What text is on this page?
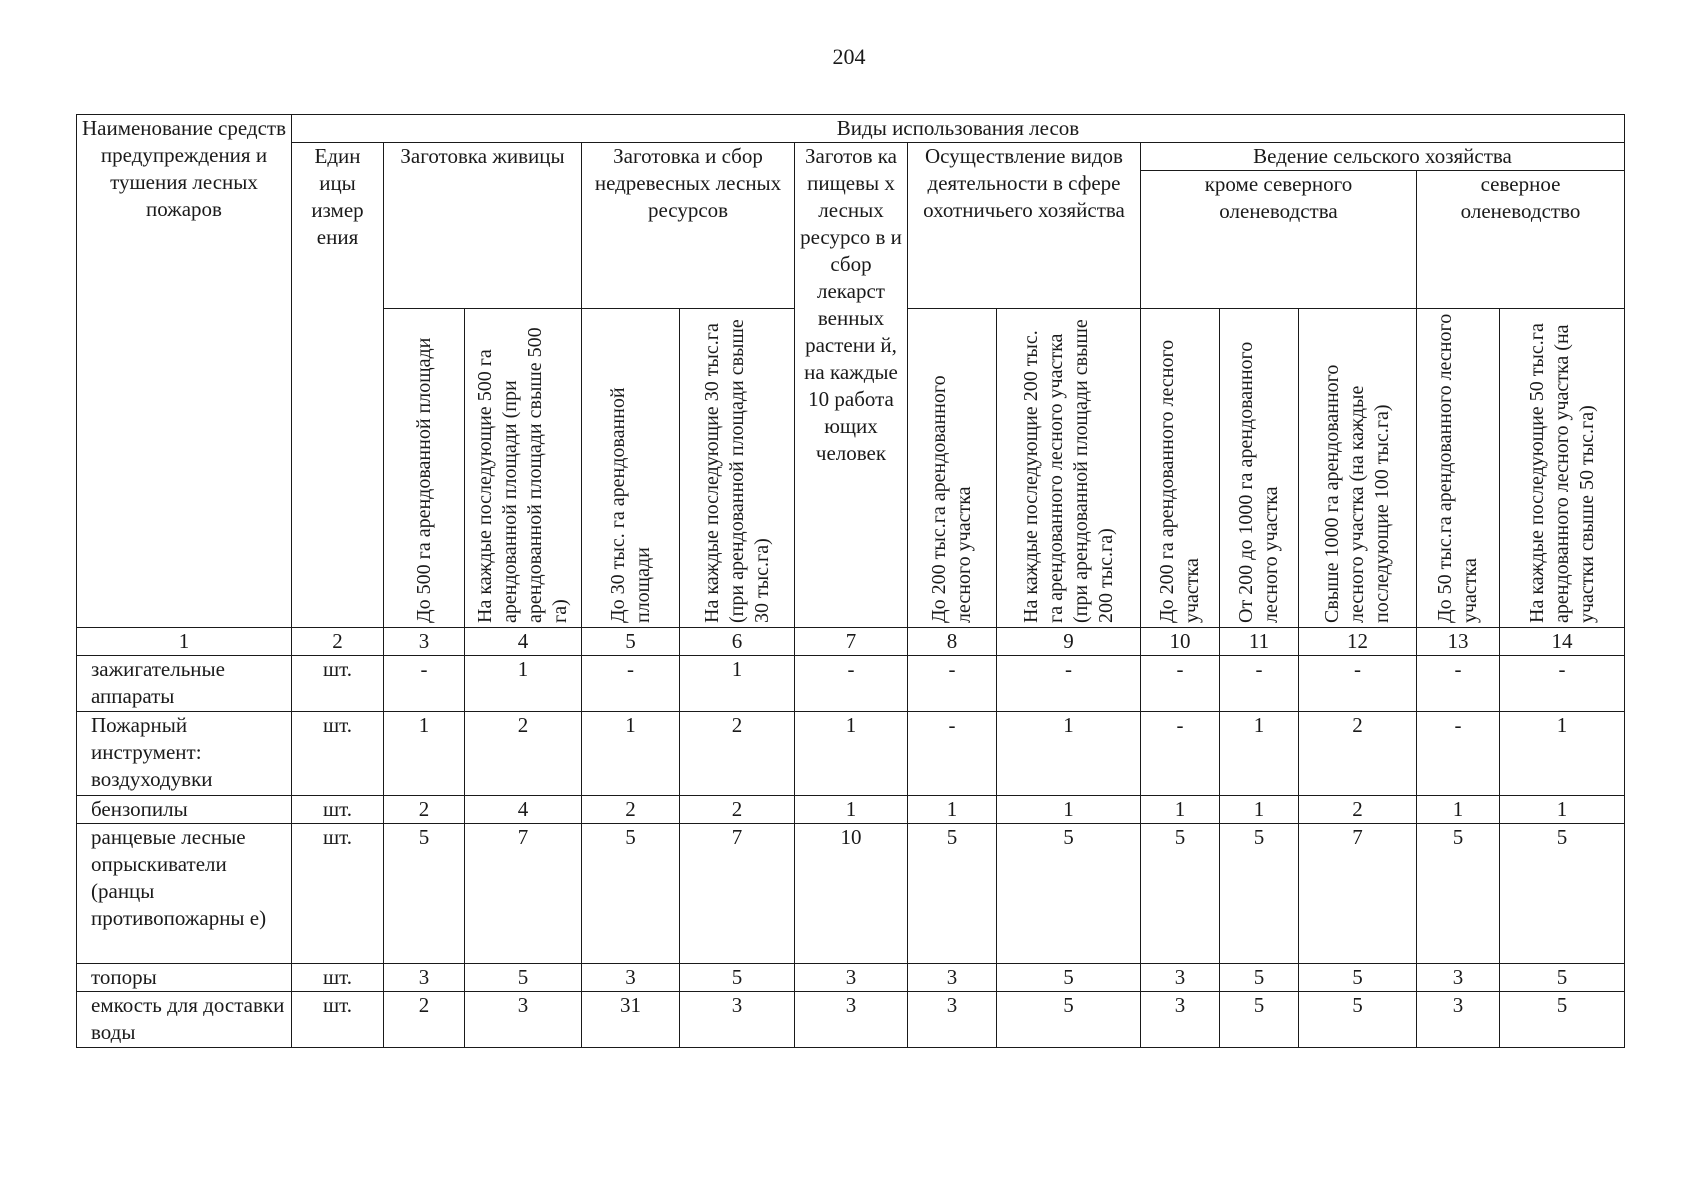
204
Наименование средств предупреждения и тушения лесных пожаров	Виды использования лесов												
	Един ицы измер ения	Заготовка живицы		Заготовка и сбор недревесных лесных ресурсов		Заготов ка пищевы х лесных ресурсо в и сбор лекарст венных растени й, на каждые 10 работа ющих человек	Осуществление видов деятельности в сфере охотничьего хозяйства		Ведение сельского хозяйства				
									кроме северного оленеводства			северное оленеводство	

		До 500 га арендованной площади	На каждые последующие 500 га арендованной площади (при арендованной площади свыше 500 га)	До 30 тыс. га арендованной площади	На каждые последующие 30 тыс.га (при арендованной площади свыше 30 тыс.га)		До 200 тыс.га арендованного лесного участка	На каждые последующие 200 тыс. га арендованного лесного участка (при арендованной площади свыше 200 тыс.га)	До 200 га арендованного лесного участка	От 200 до 1000 га арендованного лесного участка	Свыше 1000 га арендованного лесного участка (на каждые последующие 100 тыс.га)	До 50 тыс.га арендованного лесного участка	На каждые последующие 50 тыс.га арендованного лесного участка (на участки свыше 50 тыс.га)

1	2	3	4	5	6	7	8	9	10	11	12	13	14
зажигательные аппараты	шт.	-	1	-	1	-	-	-	-	-	-	-	-
Пожарный инструмент: воздуходувки	шт.	1	2	1	2	1	-	1	-	1	2	-	1
бензопилы	шт.	2	4	2	2	1	1	1	1	1	2	1	1
ранцевые лесные опрыскиватели (ранцы противопожарны е)	шт.	5	7	5	7	10	5	5	5	5	7	5	5
топоры	шт.	3	5	3	5	3	3	5	3	5	5	3	5
емкость для доставки воды	шт.	2	3	31	3	3	3	5	3	5	5	3	5
